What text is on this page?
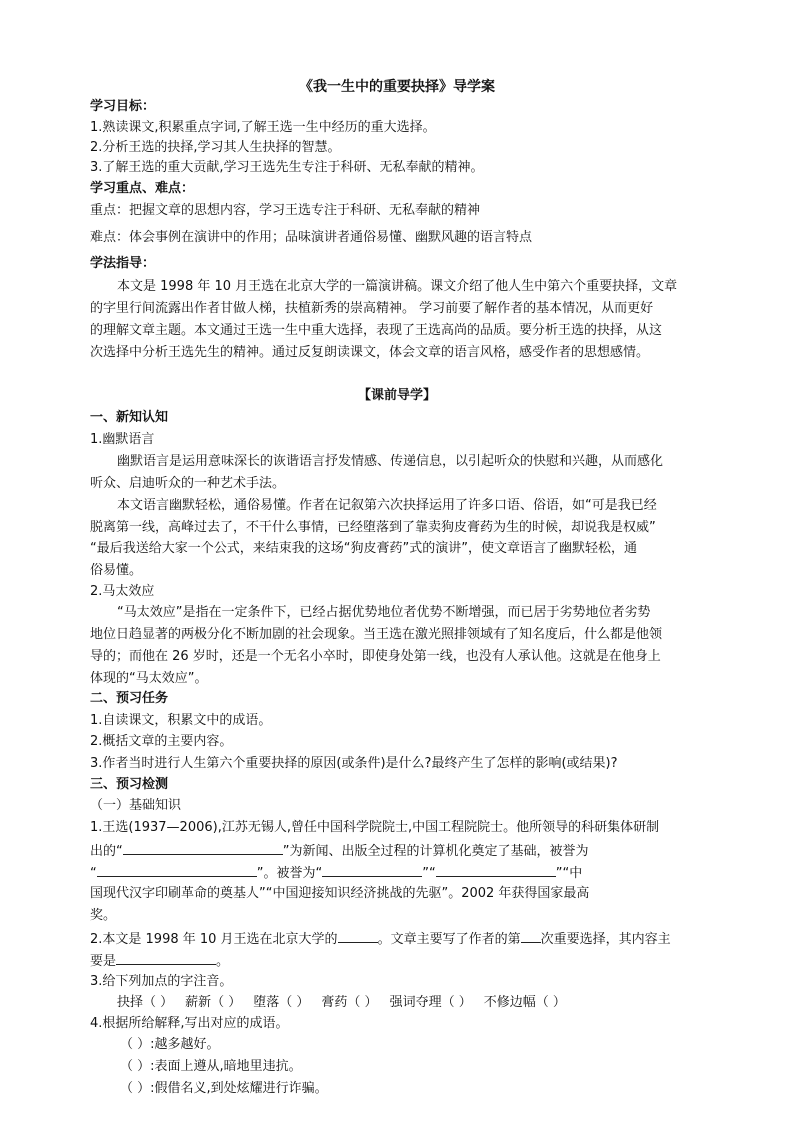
《我一生中的重要抉择》导学案
学习目标：
1.熟读课文,积累重点字词,了解王选一生中经历的重大选择。
2.分析王选的抉择,学习其人生抉择的智慧。
3.了解王选的重大贡献,学习王选先生专注于科研、无私奉献的精神。
学习重点、难点：
重点：把握文章的思想内容，学习王选专注于科研、无私奉献的精神
难点：体会事例在演讲中的作用；品味演讲者通俗易懂、幽默风趣的语言特点
学法指导：
本文是 1998 年 10 月王选在北京大学的一篇演讲稿。课文介绍了他人生中第六个重要抉择，文章
的字里行间流露出作者甘做人梯，扶植新秀的崇高精神。 学习前要了解作者的基本情况，从而更好
的理解文章主题。本文通过王选一生中重大选择，表现了王选高尚的品质。要分析王选的抉择，从这
次选择中分析王选先生的精神。通过反复朗读课文，体会文章的语言风格，感受作者的思想感情。
【课前导学】
一、新知认知
1.幽默语言
幽默语言是运用意味深长的诙谐语言抒发情感、传递信息，以引起听众的快慰和兴趣，从而感化
听众、启迪听众的一种艺术手法。
本文语言幽默轻松，通俗易懂。作者在记叙第六次抉择运用了许多口语、俗语，如“可是我已经
脱离第一线，高峰过去了，不干什么事情，已经堕落到了靠卖狗皮膏药为生的时候，却说我是权威”
“最后我送给大家一个公式，来结束我的这场“狗皮膏药”式的演讲”，使文章语言了幽默轻松，通
俗易懂。
2.马太效应
“马太效应”是指在一定条件下，已经占据优势地位者优势不断增强，而已居于劣势地位者劣势
地位日趋显著的两极分化不断加剧的社会现象。当王选在激光照排领域有了知名度后，什么都是他领
导的；而他在 26 岁时，还是一个无名小卒时，即使身处第一线，也没有人承认他。这就是在他身上
体现的“马太效应”。
二、预习任务
1.自读课文，积累文中的成语。
2.概括文章的主要内容。
3.作者当时进行人生第六个重要抉择的原因(或条件)是什么?最终产生了怎样的影响(或结果)?
三、预习检测
（一）基础知识
1.王选(1937—2006),江苏无锡人,曾任中国科学院院士,中国工程院院士。他所领导的科研集体研制
出的“	”为新闻、出版全过程的计算机化奠定了基础，被誉为
“	”。被誉为“	”“	”“中
国现代汉字印刷革命的奠基人”“中国迎接知识经济挑战的先驱”。2002 年获得国家最高
奖。
2.本文是 1998 年 10 月王选在北京大学的	。文章主要写了作者的第 次重要选择，其内容主
要是	。
3.给下列加点的字注音。
抉择（ ） 薪新（ ） 堕落（ ） 膏药（ ） 强词夺理（ ） 不修边幅（ ）
4.根据所给解释,写出对应的成语。
（ ）:越多越好。
（ ）:表面上遵从,暗地里违抗。
（ ）:假借名义,到处炫耀进行诈骗。
